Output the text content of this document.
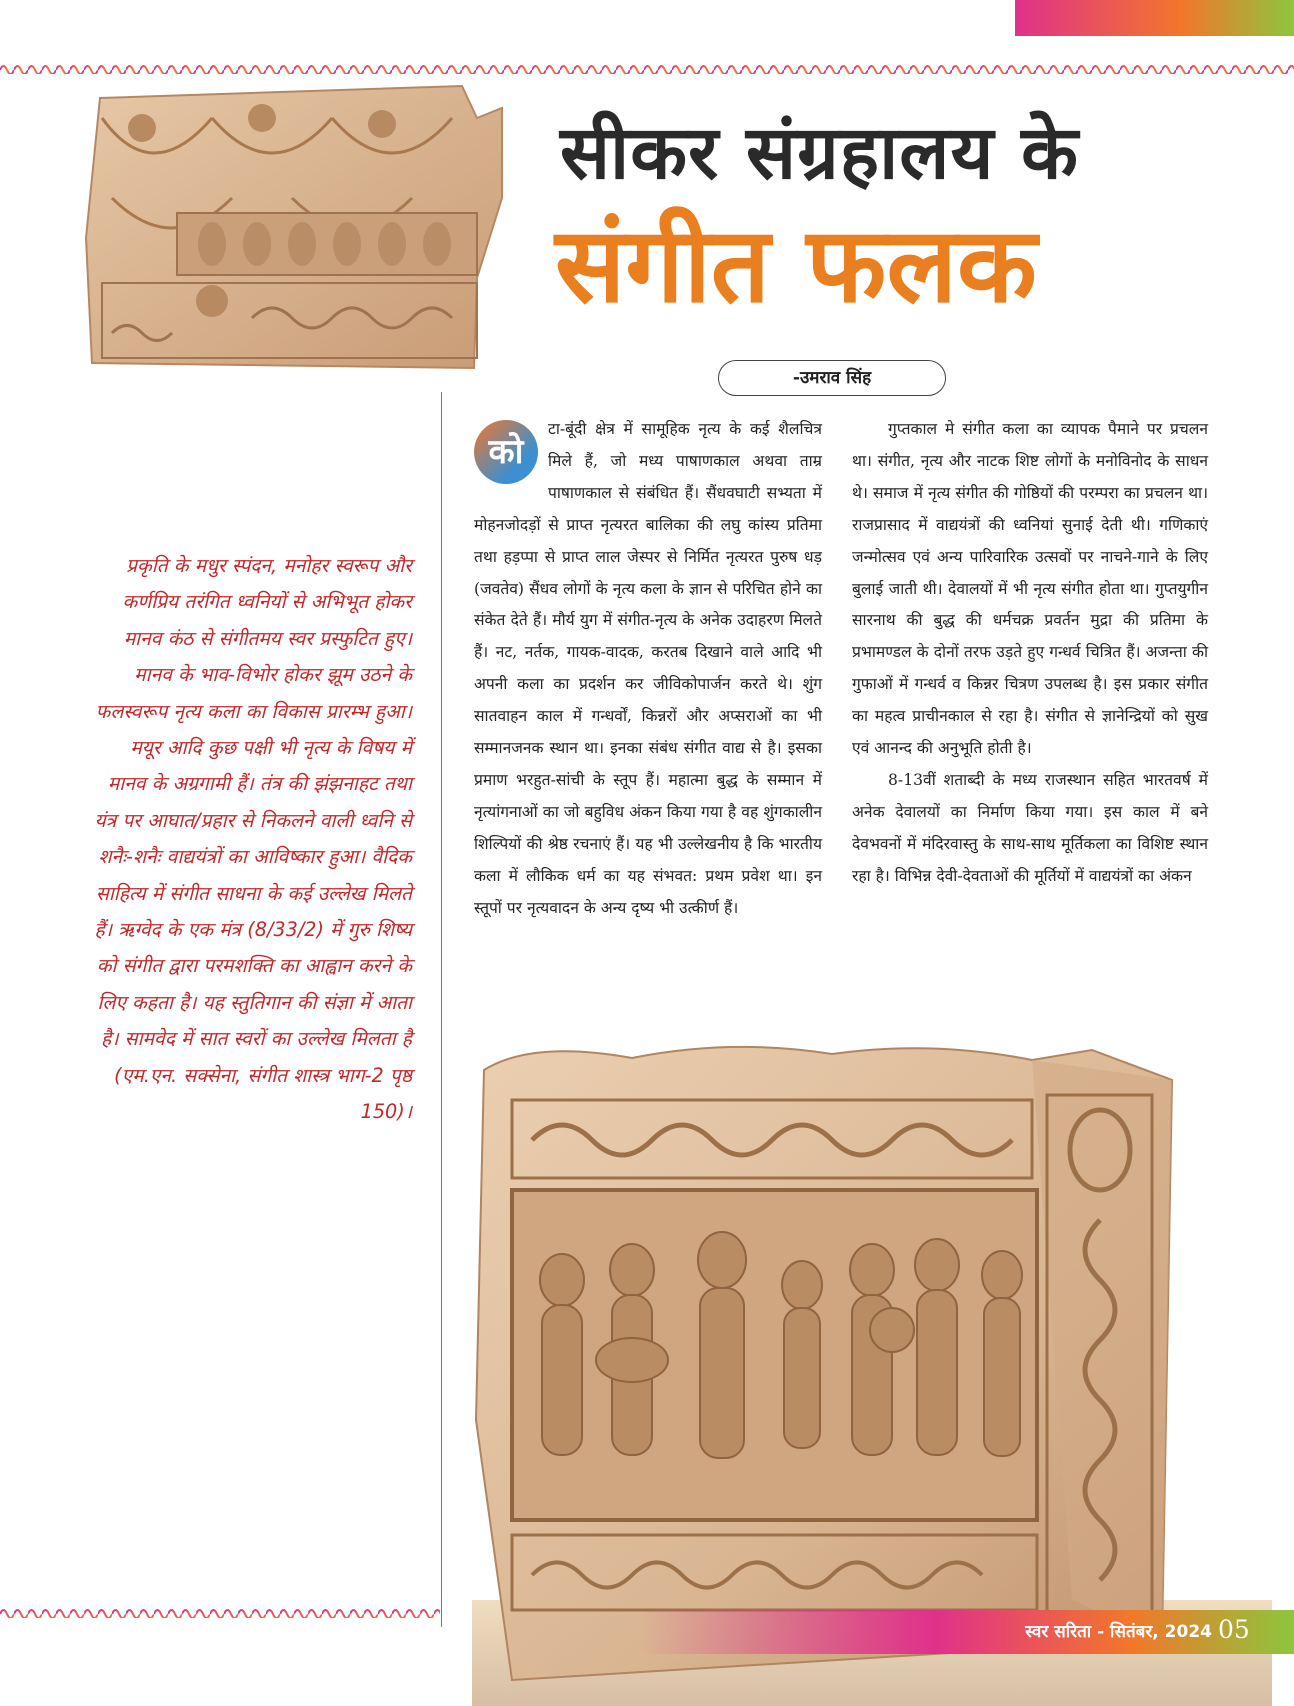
सीकर संग्रहालय के
संगीत फलक
-उमराव सिंह
प्रकृति के मधुर स्पंदन, मनोहर स्वरूप और कर्णप्रिय तरंगित ध्वनियों से अभिभूत होकर मानव कंठ से संगीतमय स्वर प्रस्फुटित हुए। मानव के भाव-विभोर होकर झूम उठने के फलस्वरूप नृत्य कला का विकास प्रारम्भ हुआ। मयूर आदि कुछ पक्षी भी नृत्य के विषय में मानव के अग्रगामी हैं। तंत्र की झंझनाहट तथा यंत्र पर आघात/प्रहार से निकलने वाली ध्वनि से शनैः-शनैः वाद्ययंत्रों का आविष्कार हुआ। वैदिक साहित्य में संगीत साधना के कई उल्लेख मिलते हैं। ऋग्वेद के एक मंत्र (8/33/2) में गुरु शिष्य को संगीत द्वारा परमशक्ति का आह्वान करने के लिए कहता है। यह स्तुतिगान की संज्ञा में आता है। सामवेद में सात स्वरों का उल्लेख मिलता है (एम.एन. सक्सेना, संगीत शास्त्र भाग-2 पृष्ठ 150)।
को

टा-बूंदी क्षेत्र में सामूहिक नृत्य के कई शैलचित्र मिले हैं, जो मध्य पाषाणकाल अथवा ताम्र पाषाणकाल से संबंधित हैं। सैंधवघाटी सभ्यता में मोहनजोदड़ों से प्राप्त नृत्यरत बालिका की लघु कांस्य प्रतिमा तथा हड़प्पा से प्राप्त लाल जेस्पर से निर्मित नृत्यरत पुरुष धड़ (जवतेव) सैंधव लोगों के नृत्य कला के ज्ञान से परिचित होने का संकेत देते हैं। मौर्य युग में संगीत-नृत्य के अनेक उदाहरण मिलते हैं। नट, नर्तक, गायक-वादक, करतब दिखाने वाले आदि भी अपनी कला का प्रदर्शन कर जीविकोपार्जन करते थे। शुंग सातवाहन काल में गन्धर्वों, किन्नरों और अप्सराओं का भी सम्मानजनक स्थान था। इनका संबंध संगीत वाद्य से है। इसका प्रमाण भरहुत-सांची के स्तूप हैं। महात्मा बुद्ध के सम्मान में नृत्यांगनाओं का जो बहुविध अंकन किया गया है वह शुंगकालीन शिल्पियों की श्रेष्ठ रचनाएं हैं। यह भी उल्लेखनीय है कि भारतीय कला में लौकिक धर्म का यह संभवत: प्रथम प्रवेश था। इन स्तूपों पर नृत्यवादन के अन्य दृष्य भी उत्कीर्ण हैं।

गुप्तकाल मे संगीत कला का व्यापक पैमाने पर प्रचलन था। संगीत, नृत्य और नाटक शिष्ट लोगों के मनोविनोद के साधन थे। समाज में नृत्य संगीत की गोष्ठियों की परम्परा का प्रचलन था। राजप्रासाद में वाद्ययंत्रों की ध्वनियां सुनाई देती थी। गणिकाएं जन्मोत्सव एवं अन्य पारिवारिक उत्सवों पर नाचने-गाने के लिए बुलाई जाती थी। देवालयों में भी नृत्य संगीत होता था। गुप्तयुगीन सारनाथ की बुद्ध की धर्मचक्र प्रवर्तन मुद्रा की प्रतिमा के प्रभामण्डल के दोनों तरफ उड़ते हुए गन्धर्व चित्रित हैं। अजन्ता की गुफाओं में गन्धर्व व किन्नर चित्रण उपलब्ध है। इस प्रकार संगीत का महत्व प्राचीनकाल से रहा है। संगीत से ज्ञानेन्द्रियों को सुख एवं आनन्द की अनुभूति होती है।

8-13वीं शताब्दी के मध्य राजस्थान सहित भारतवर्ष में अनेक देवालयों का निर्माण किया गया। इस काल में बने देवभवनों में मंदिरवास्तु के साथ-साथ मूर्तिकला का विशिष्ट स्थान रहा है। विभिन्न देवी-देवताओं की मूर्तियों में वाद्ययंत्रों का अंकन

स्वर सरिता - सितंबर, 2024 05
